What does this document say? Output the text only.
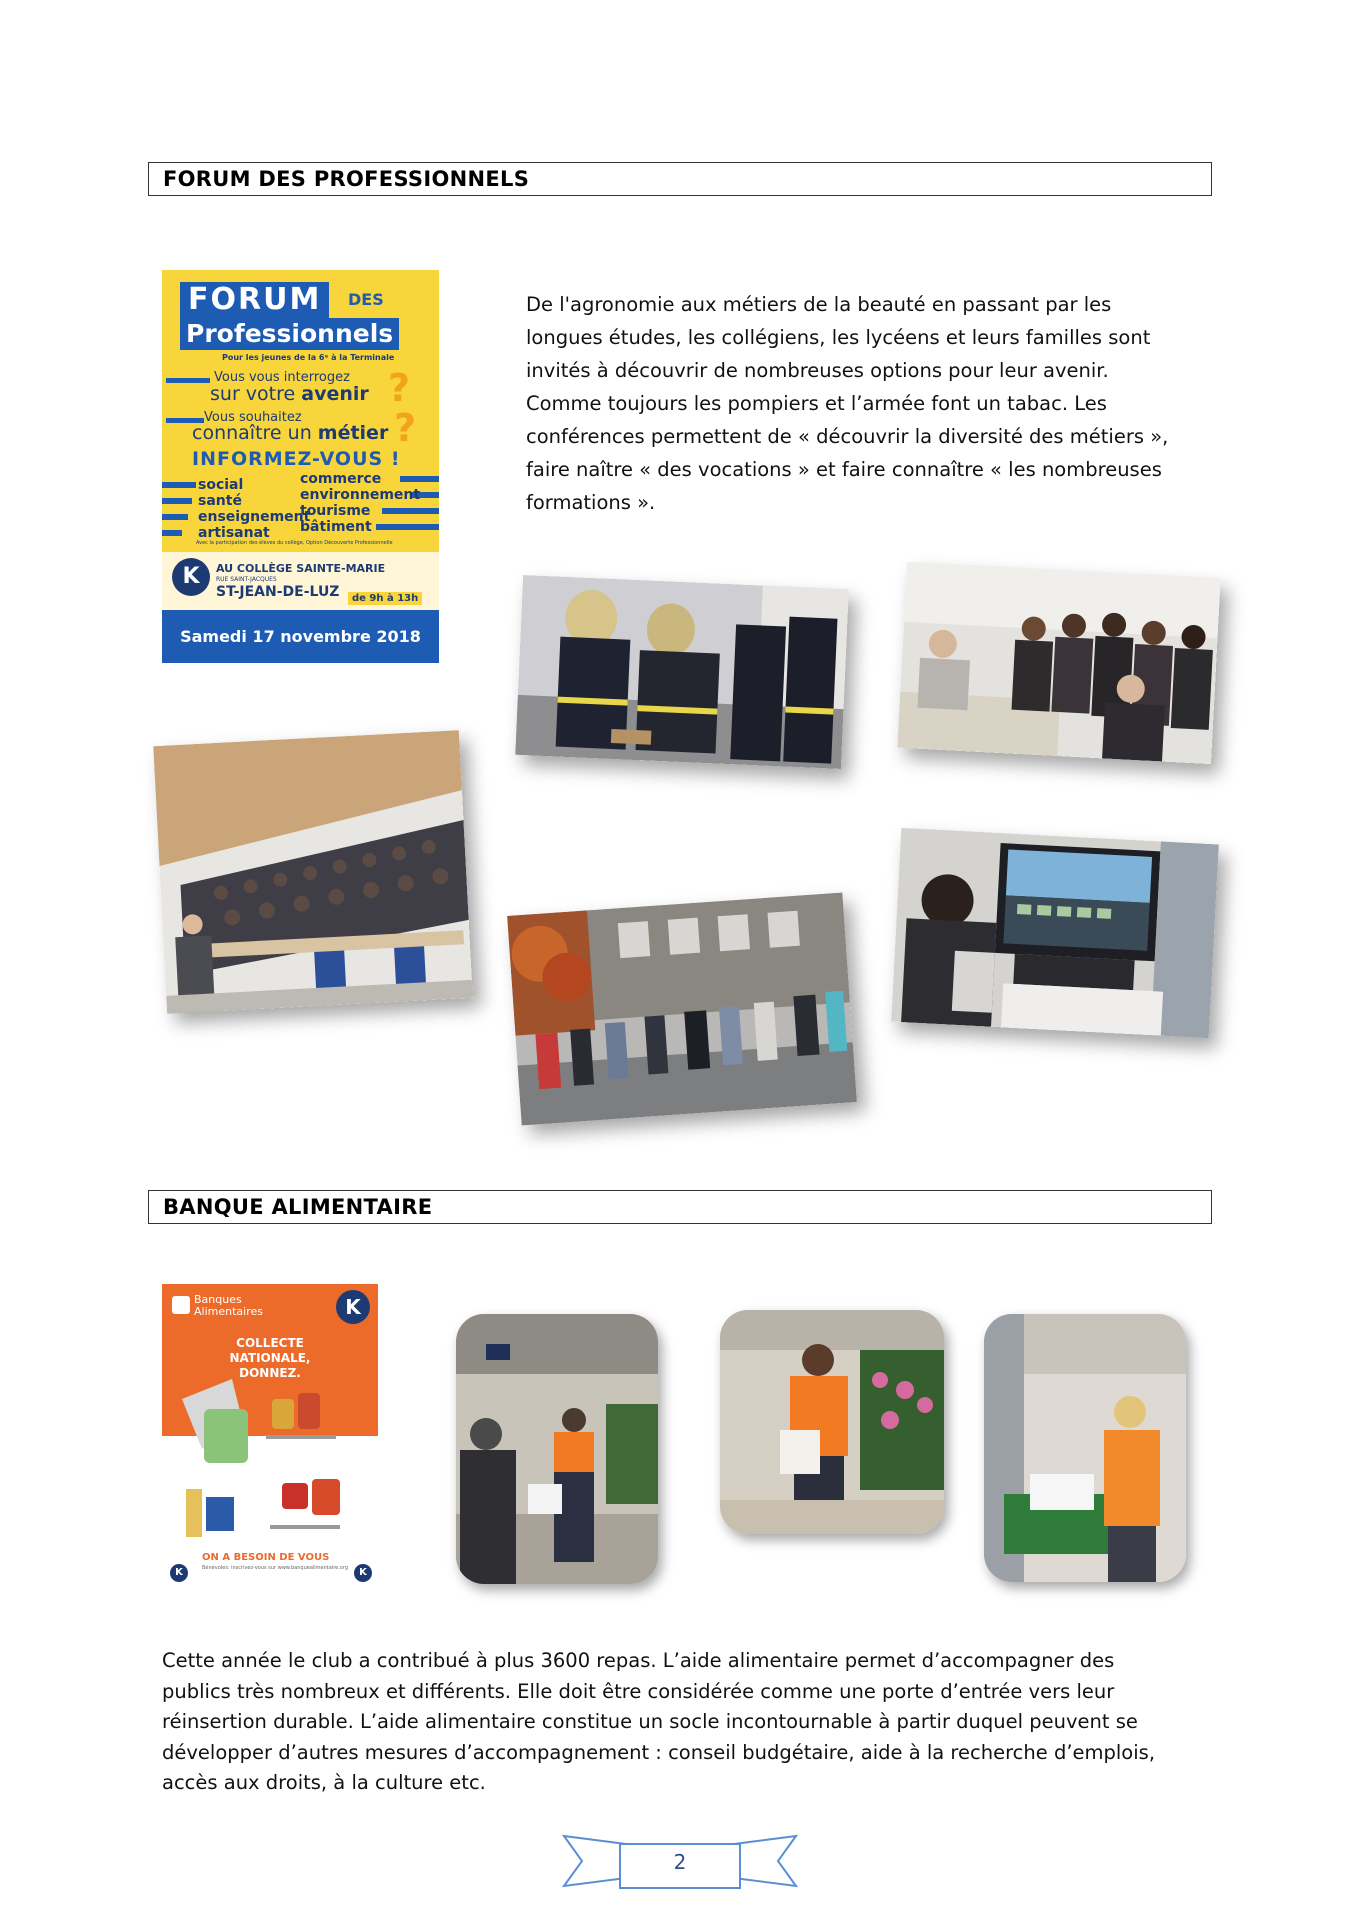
FORUM DES PROFESSIONNELS
FORUM	DES
Professionnels
Pour les jeunes de la 6ᵉ à la Terminale
Vous vous interrogez
sur votre avenir ?
Vous souhaitez
connaître un métier ?
INFORMEZ-VOUS !
social
santé
enseignement
artisanat
commerce
environnement
tourisme
bâtiment
Avec la participation des élèves du collège, Option Découverte Professionnelle
K	AU COLLÈGE SAINTE-MARIE
RUE SAINT-JACQUES
ST-JEAN-DE-LUZ	de 9h à 13h
Samedi 17 novembre 2018
De l'agronomie aux métiers de la beauté en passant par les
longues études, les collégiens, les lycéens et leurs familles sont
invités à découvrir de nombreuses options pour leur avenir.
Comme toujours les pompiers et l’armée font un tabac. Les
conférences permettent de « découvrir la diversité des métiers »,
faire naître « des vocations » et faire connaître « les nombreuses
formations ».
BANQUE ALIMENTAIRE
Banques
Alimentaires	K
COLLECTE NATIONALE,
DONNEZ.
ON A BESOIN DE VOUS
Bénévoles: inscrivez-vous sur www.banquealimentaire.org
K	K
Cette année le club a contribué à plus 3600 repas. L’aide alimentaire permet d’accompagner des
publics très nombreux et différents. Elle doit être considérée comme une porte d’entrée vers leur
réinsertion durable. L’aide alimentaire constitue un socle incontournable à partir duquel peuvent se
développer d’autres mesures d’accompagnement : conseil budgétaire, aide à la recherche d’emplois,
accès aux droits, à la culture etc.
2
